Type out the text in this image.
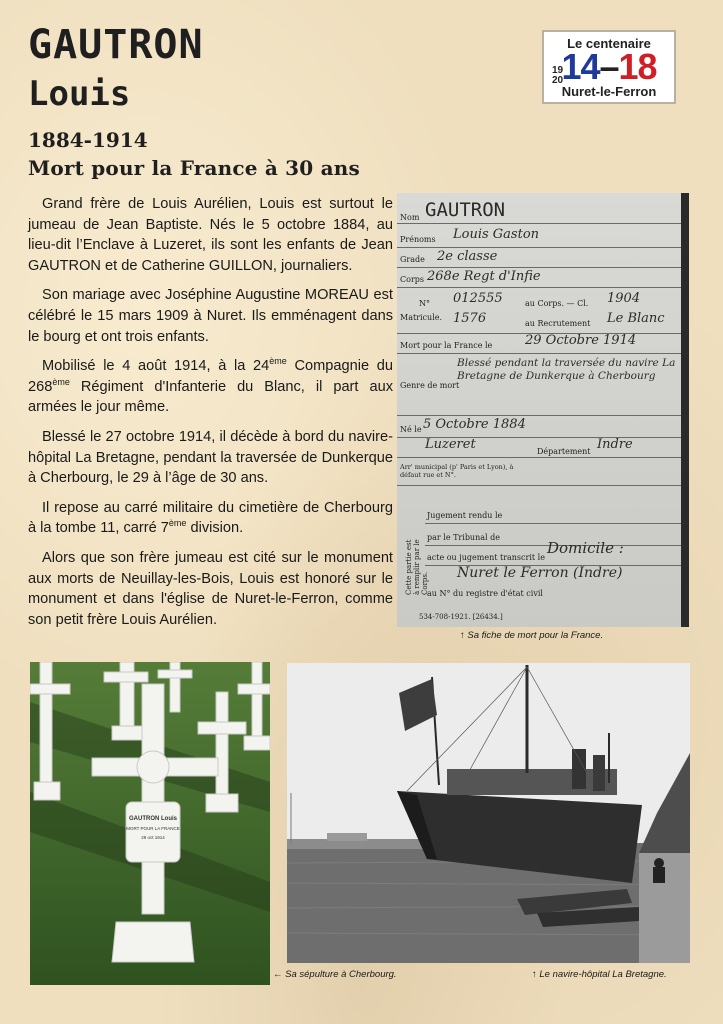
GAUTRON
Louis
1884-1914
Mort pour la France à 30 ans
Le centenaire
19
20
14–18
Nuret-le-Ferron

Grand frère de Louis Aurélien, Louis est surtout le jumeau de Jean Baptiste. Nés le 5 octobre 1884, au lieu-dit l’Enclave à Luzeret, ils sont les enfants de Jean GAUTRON et de Catherine GUILLON, journaliers.

Son mariage avec Joséphine Augustine MOREAU est célébré le 15 mars 1909 à Nuret. Ils emménagent dans le bourg et ont trois enfants.

Mobilisé le 4 août 1914, à la 24ème Compagnie du 268ème Régiment d'Infanterie du Blanc, il part aux armées le jour même.

Blessé le 27 octobre 1914, il décède à bord du navire-hôpital La Bretagne, pendant la traversée de Dunkerque à Cherbourg, le 29 à l’âge de 30 ans.

Il repose au carré militaire du cimetière de Cherbourg à la tombe 11, carré 7ème division.

Alors que son frère jumeau est cité sur le monument aux morts de Neuillay-les-Bois, Louis est honoré sur le monument et dans l'église de Nuret-le-Ferron, comme son petit frère Louis Aurélien.

Nom GAUTRON
Prénoms Louis Gaston
Grade 2e classe
Corps 268e Regt d'Infie
N° 012555	au Corps. — Cl. 1904
Matricule. 1576	au Recrutement Le Blanc
Mort pour la France le	29 Octobre 1914
Genre de mort
Blessé pendant la traversée du navire La Bretagne de Dunkerque à Cherbourg
Né le 5 Octobre 1884
Luzeret	Département Indre
Arr' municipal (p' Paris et Lyon), à défaut rue et N°.
Jugement rendu le
par le Tribunal de
acte ou jugement transcrit le
Domicile :
au N° du registre d'état civil
Nuret le Ferron (Indre)
Cette partie est à remplir par le Corps.
534-708-1921. [26434.]
↑ Sa fiche de mort pour la France.
GAUTRON Louis
MORT POUR LA FRANCE
29 oct 1914
← Sa sépulture à Cherbourg.	↑ Le navire-hôpital La Bretagne.
